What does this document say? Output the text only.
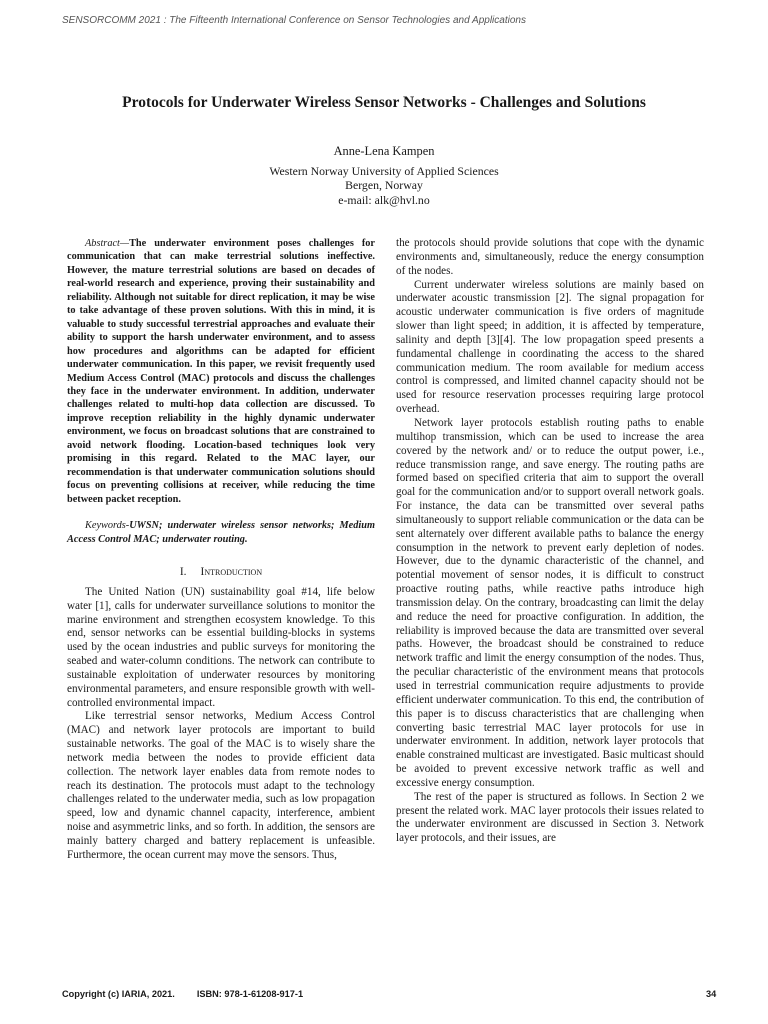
SENSORCOMM 2021 : The Fifteenth International Conference on Sensor Technologies and Applications
Protocols for Underwater Wireless Sensor Networks - Challenges and Solutions
Anne-Lena Kampen
Western Norway University of Applied Sciences
Bergen, Norway
e-mail: alk@hvl.no

Abstract—The underwater environment poses challenges for communication that can make terrestrial solutions ineffective. However, the mature terrestrial solutions are based on decades of real-world research and experience, proving their sustainability and reliability. Although not suitable for direct replication, it may be wise to take advantage of these proven solutions. With this in mind, it is valuable to study successful terrestrial approaches and evaluate their ability to support the harsh underwater environment, and to assess how procedures and algorithms can be adapted for efficient underwater communication. In this paper, we revisit frequently used Medium Access Control (MAC) protocols and discuss the challenges they face in the underwater environment. In addition, underwater challenges related to multi-hop data collection are discussed. To improve reception reliability in the highly dynamic underwater environment, we focus on broadcast solutions that are constrained to avoid network flooding. Location-based techniques look very promising in this regard. Related to the MAC layer, our recommendation is that underwater communication solutions should focus on preventing collisions at receiver, while reducing the time between packet reception.

Keywords-UWSN; underwater wireless sensor networks; Medium Access Control MAC; underwater routing.

I. Introduction

The United Nation (UN) sustainability goal #14, life below water [1], calls for underwater surveillance solutions to monitor the marine environment and strengthen ecosystem knowledge. To this end, sensor networks can be essential building-blocks in systems used by the ocean industries and public surveys for monitoring the seabed and water-column conditions. The network can contribute to sustainable exploitation of underwater resources by monitoring environmental parameters, and ensure responsible growth with well-controlled environmental impact.

Like terrestrial sensor networks, Medium Access Control (MAC) and network layer protocols are important to build sustainable networks. The goal of the MAC is to wisely share the network media between the nodes to provide efficient data collection. The network layer enables data from remote nodes to reach its destination. The protocols must adapt to the technology challenges related to the underwater media, such as low propagation speed, low and dynamic channel capacity, interference, ambient noise and asymmetric links, and so forth. In addition, the sensors are mainly battery charged and battery replacement is unfeasible. Furthermore, the ocean current may move the sensors. Thus,

the protocols should provide solutions that cope with the dynamic environments and, simultaneously, reduce the energy consumption of the nodes.

Current underwater wireless solutions are mainly based on underwater acoustic transmission [2]. The signal propagation for acoustic underwater communication is five orders of magnitude slower than light speed; in addition, it is affected by temperature, salinity and depth [3][4]. The low propagation speed presents a fundamental challenge in coordinating the access to the shared communication medium. The room available for medium access control is compressed, and limited channel capacity should not be used for resource reservation processes requiring large protocol overhead.

Network layer protocols establish routing paths to enable multihop transmission, which can be used to increase the area covered by the network and/ or to reduce the output power, i.e., reduce transmission range, and save energy. The routing paths are formed based on specified criteria that aim to support the overall goal for the communication and/or to support overall network goals. For instance, the data can be transmitted over several paths simultaneously to support reliable communication or the data can be sent alternately over different available paths to balance the energy consumption in the network to prevent early depletion of nodes. However, due to the dynamic characteristic of the channel, and potential movement of sensor nodes, it is difficult to construct proactive routing paths, while reactive paths introduce high transmission delay. On the contrary, broadcasting can limit the delay and reduce the need for proactive configuration. In addition, the reliability is improved because the data are transmitted over several paths. However, the broadcast should be constrained to reduce network traffic and limit the energy consumption of the nodes. Thus, the peculiar characteristic of the environment means that protocols used in terrestrial communication require adjustments to provide efficient underwater communication. To this end, the contribution of this paper is to discuss characteristics that are challenging when converting basic terrestrial MAC layer protocols for use in underwater environment. In addition, network layer protocols that enable constrained multicast are investigated. Basic multicast should be avoided to prevent excessive network traffic as well and excessive energy consumption.

The rest of the paper is structured as follows. In Section 2 we present the related work. MAC layer protocols their issues related to the underwater environment are discussed in Section 3. Network layer protocols, and their issues, are

Copyright (c) IARIA, 2021. ISBN: 978-1-61208-917-1	34
